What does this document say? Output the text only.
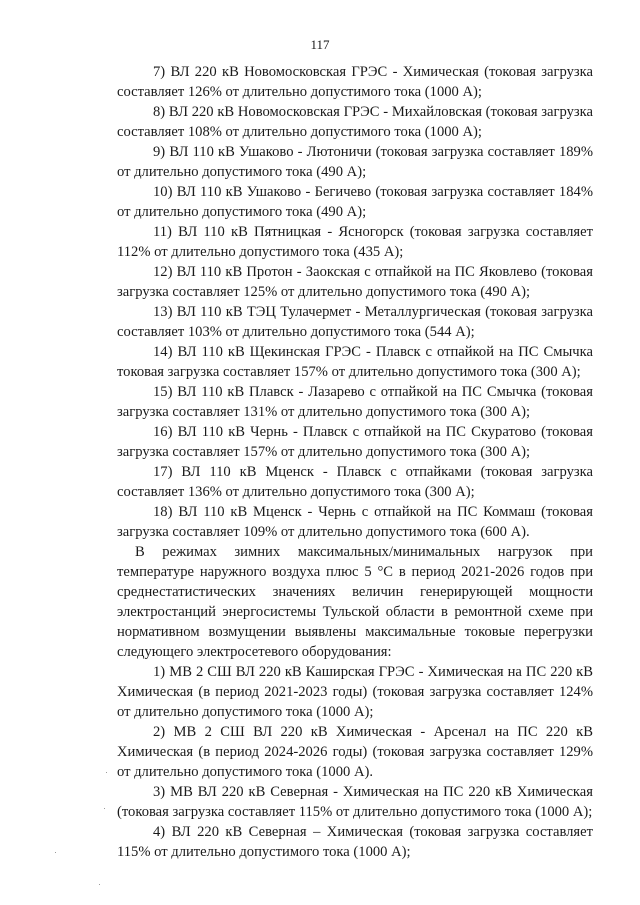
117
7) ВЛ 220 кВ Новомосковская ГРЭС - Химическая (токовая загрузка составляет 126% от длительно допустимого тока (1000 А);
8) ВЛ 220 кВ Новомосковская ГРЭС - Михайловская (токовая загрузка составляет 108% от длительно допустимого тока (1000 А);
9) ВЛ 110 кВ Ушаково - Лютоничи (токовая загрузка составляет 189% от длительно допустимого тока (490 А);
10) ВЛ 110 кВ Ушаково - Бегичево (токовая загрузка составляет 184% от длительно допустимого тока (490 А);
11) ВЛ 110 кВ Пятницкая - Ясногорск (токовая загрузка составляет 112% от длительно допустимого тока (435 А);
12) ВЛ 110 кВ Протон - Заокская с отпайкой на ПС Яковлево (токовая загрузка составляет 125% от длительно допустимого тока (490 А);
13) ВЛ 110 кВ ТЭЦ Тулачермет - Металлургическая (токовая загрузка составляет 103% от длительно допустимого тока (544 А);
14) ВЛ 110 кВ Щекинская ГРЭС - Плавск с отпайкой на ПС Смычка токовая загрузка составляет 157% от длительно допустимого тока (300 А);
15) ВЛ 110 кВ Плавск - Лазарево с отпайкой на ПС Смычка (токовая загрузка составляет 131% от длительно допустимого тока (300 А);
16) ВЛ 110 кВ Чернь - Плавск с отпайкой на ПС Скуратово (токовая загрузка составляет 157% от длительно допустимого тока (300 А);
17) ВЛ 110 кВ Мценск - Плавск с отпайками (токовая загрузка составляет 136% от длительно допустимого тока (300 А);
18) ВЛ 110 кВ Мценск - Чернь с отпайкой на ПС Коммаш (токовая загрузка составляет 109% от длительно допустимого тока (600 А).
В режимах зимних максимальных/минимальных нагрузок при температуре наружного воздуха плюс 5 °С в период 2021-2026 годов при среднестатистических значениях величин генерирующей мощности электростанций энергосистемы Тульской области в ремонтной схеме при нормативном возмущении выявлены максимальные токовые перегрузки следующего электросетевого оборудования:
1) МВ 2 СШ ВЛ 220 кВ Каширская ГРЭС - Химическая на ПС 220 кВ Химическая (в период 2021-2023 годы) (токовая загрузка составляет 124% от длительно допустимого тока (1000 А);
2) МВ 2 СШ ВЛ 220 кВ Химическая - Арсенал на ПС 220 кВ Химическая (в период 2024-2026 годы) (токовая загрузка составляет 129% от длительно допустимого тока (1000 А).
3) МВ ВЛ 220 кВ Северная - Химическая на ПС 220 кВ Химическая (токовая загрузка составляет 115% от длительно допустимого тока (1000 А);
4) ВЛ 220 кВ Северная – Химическая (токовая загрузка составляет 115% от длительно допустимого тока (1000 А);
